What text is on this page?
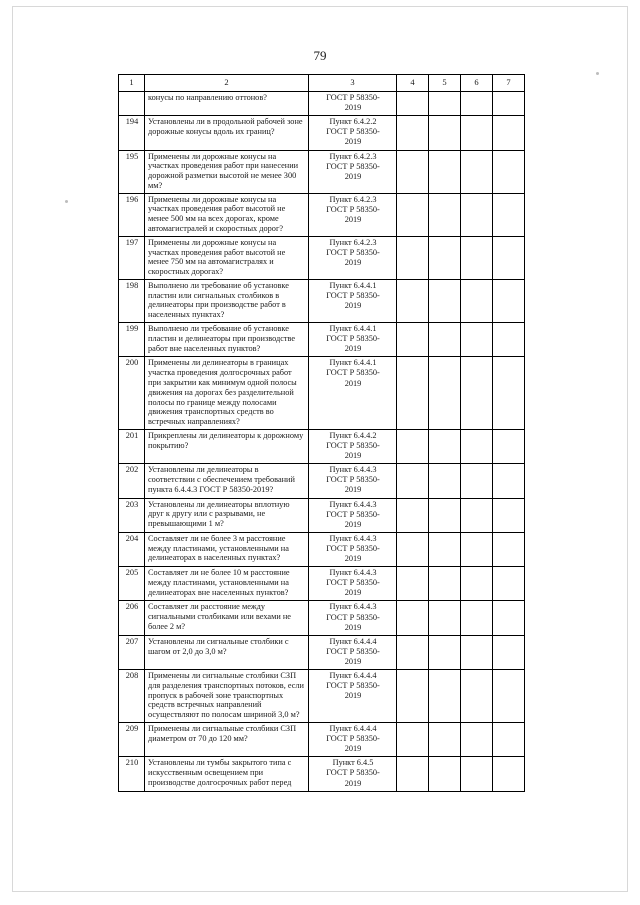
79
1	2	3	4	5	6	7
	конусы по направлению оттонов?	ГОСТ Р 58350-
2019				

194	Установлены ли в продольной рабочей зоне дорожные конусы вдоль их границ?	Пункт 6.4.2.2
ГОСТ Р 58350-
2019				

195	Применены ли дорожные конусы на участках проведения работ при нанесении дорожной разметки высотой не менее 300 мм?	Пункт 6.4.2.3
ГОСТ Р 58350-
2019				

196	Применены ли дорожные конусы на участках проведения работ высотой не менее 500 мм на всех дорогах, кроме автомагистралей и скоростных дорог?	Пункт 6.4.2.3
ГОСТ Р 58350-
2019				

197	Применены ли дорожные конусы на участках проведения работ высотой не менее 750 мм на автомагистралях и скоростных дорогах?	Пункт 6.4.2.3
ГОСТ Р 58350-
2019				

198	Выполнено ли требование об установке пластин или сигнальных столбиков в делинеаторы при производстве работ в населенных пунктах?	Пункт 6.4.4.1
ГОСТ Р 58350-
2019				

199	Выполнено ли требование об установке пластин и делинеаторы при производстве работ вне населенных пунктов?	Пункт 6.4.4.1
ГОСТ Р 58350-
2019				

200	Применены ли делинеаторы в границах участка проведения долгосрочных работ при закрытии как минимум одной полосы движения на дорогах без разделительной полосы по границе между полосами движения транспортных средств во встречных направлениях?	
Пункт 6.4.4.1
ГОСТ Р 58350-
2019

201	Прикреплены ли делинеаторы к дорожному покрытию?	Пункт 6.4.4.2
ГОСТ Р 58350-
2019				

202	Установлены ли делинеаторы в соответствии с обеспечением требований пункта 6.4.4.3 ГОСТ Р 58350-2019?	Пункт 6.4.4.3
ГОСТ Р 58350-
2019				

203	Установлены ли делинеаторы вплотную друг к другу или с разрывами, не превышающими 1 м?	Пункт 6.4.4.3
ГОСТ Р 58350-
2019				

204	Составляет ли не более 3 м расстояние между пластинами, установленными на делинеаторах в населенных пунктах?	Пункт 6.4.4.3
ГОСТ Р 58350-
2019				

205	Составляет ли не более 10 м расстояние между пластинами, установленными на делинеаторах вне населенных пунктов?	Пункт 6.4.4.3
ГОСТ Р 58350-
2019				

206	Составляет ли расстояние между сигнальными столбиками или вехами не более 2 м?	Пункт 6.4.4.3
ГОСТ Р 58350-
2019				

207	Установлены ли сигнальные столбики с шагом от 2,0 до 3,0 м?	Пункт 6.4.4.4
ГОСТ Р 58350-
2019				

208	Применены ли сигнальные столбики СЗП для разделения транспортных потоков, если пропуск в рабочей зоне транспортных средств встречных направлений осуществляют по полосам шириной 3,0 м?	Пункт 6.4.4.4
ГОСТ Р 58350-
2019				

209	Применены ли сигнальные столбики СЗП диаметром от 70 до 120 мм?	Пункт 6.4.4.4
ГОСТ Р 58350-
2019				

210	Установлены ли тумбы закрытого типа с искусственным освещением при производстве долгосрочных работ перед	Пункт 6.4.5
ГОСТ Р 58350-
2019				
